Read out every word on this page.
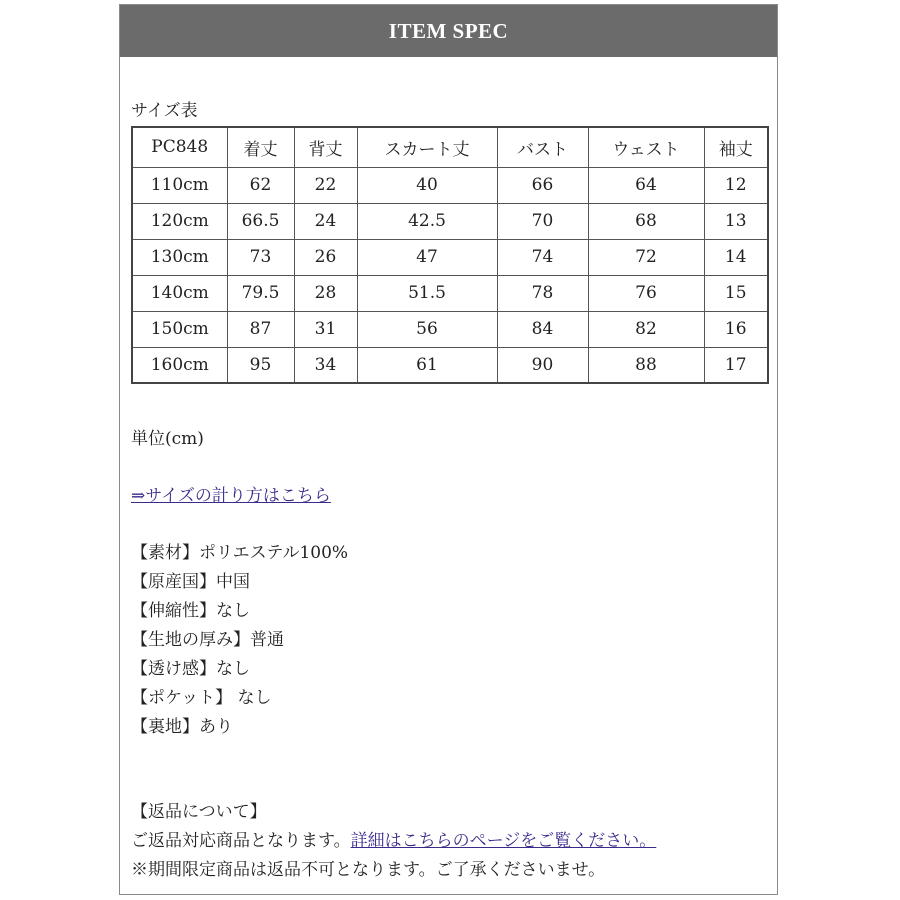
ITEM SPEC
サイズ表
PC848	着丈	背丈	スカート丈	バスト	ウェスト	袖丈
110cm	62	22	40	66	64	12
120cm	66.5	24	42.5	70	68	13
130cm	73	26	47	74	72	14
140cm	79.5	28	51.5	78	76	15
150cm	87	31	56	84	82	16
160cm	95	34	61	90	88	17
単位(cm)
⇒サイズの計り方はこちら
【素材】ポリエステル100%
【原産国】中国
【伸縮性】なし
【生地の厚み】普通
【透け感】なし
【ポケット】 なし
【裏地】あり
【返品について】
ご返品対応商品となります。詳細はこちらのページをご覧ください。
※期間限定商品は返品不可となります。ご了承くださいませ。
